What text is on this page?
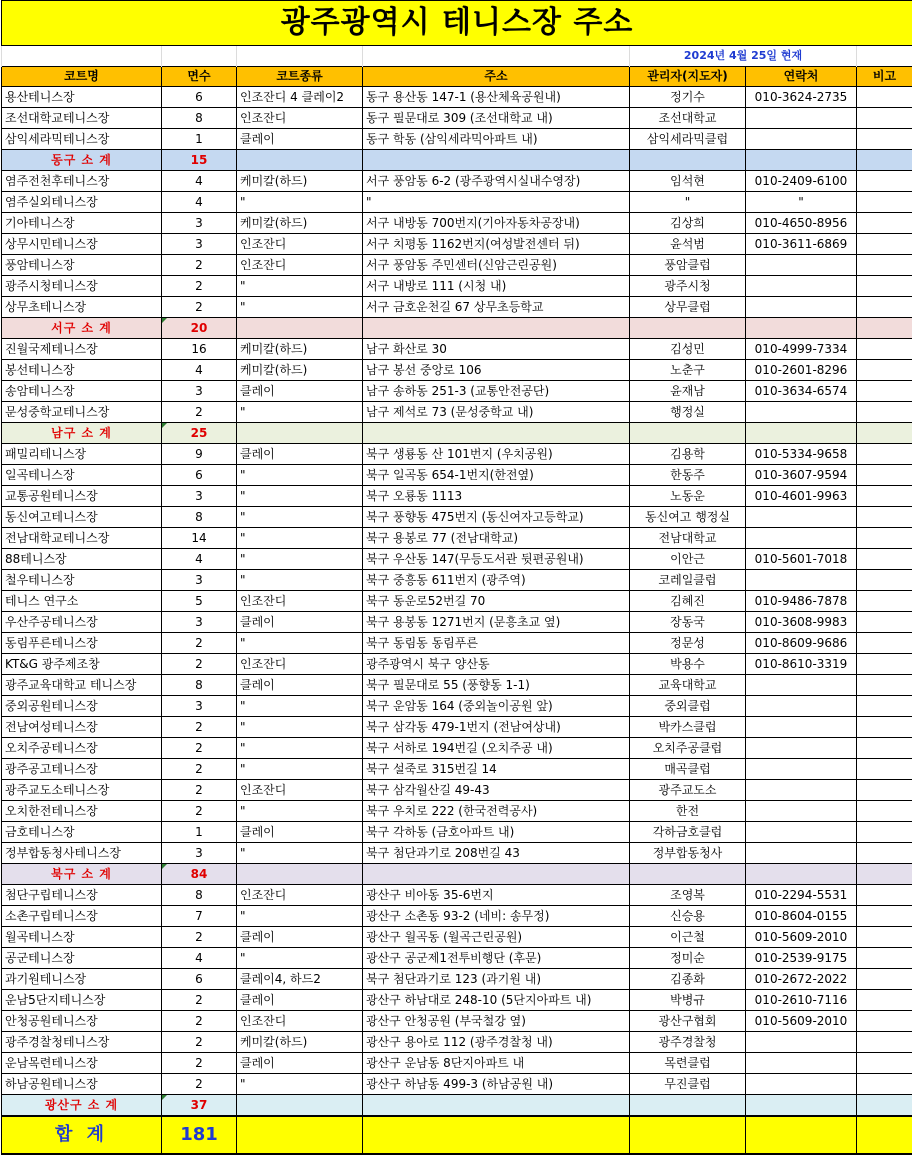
광주광역시 테니스장 주소						
				2024년 4월 25일 현재		
코트명	면수	코트종류	주소	관리자(지도자)	연락처	비고
용산테니스장	6	인조잔디 4 클레이2	동구 용산동 147-1 (용산체육공원내)	정기수	010-3624-2735	
조선대학교테니스장	8	인조잔디	동구 필문대로 309 (조선대학교 내)	조선대학교		
삼익세라믹테니스장	1	클레이	동구 학동 (삼익세라믹아파트 내)	삼익세라믹클럽		
동구 소 계	15					
염주전천후테니스장	4	케미칼(하드)	서구 풍암동 6-2 (광주광역시실내수영장)	임석현	010-2409-6100	
염주실외테니스장	4	"	"	"	"	
기아테니스장	3	케미칼(하드)	서구 내방동 700번지(기아자동차공장내)	김상희	010-4650-8956	
상무시민테니스장	3	인조잔디	서구 치평동 1162번지(여성발전센터 뒤)	윤석범	010-3611-6869	
풍암테니스장	2	인조잔디	서구 풍암동 주민센터(신암근린공원)	풍암클럽		
광주시청테니스장	2	"	서구 내방로 111 (시청 내)	광주시청		
상무초테니스장	2	"	서구 금호운천길 67 상무초등학교	상무클럽		
서구 소 계	20					
진월국제테니스장	16	케미칼(하드)	남구 화산로 30	김성민	010-4999-7334	
봉선테니스장	4	케미칼(하드)	남구 봉선 중앙로 106	노춘구	010-2601-8296	
송암테니스장	3	클레이	남구 송하동 251-3 (교통안전공단)	윤재남	010-3634-6574	
문성중학교테니스장	2	"	남구 제석로 73 (문성중학교 내)	행정실		
남구 소 계	25					
패밀리테니스장	9	클레이	북구 생룡동 산 101번지 (우치공원)	김용학	010-5334-9658	
일곡테니스장	6	"	북구 일곡동 654-1번지(한전옆)	한동주	010-3607-9594	
교통공원테니스장	3	"	북구 오룡동 1113	노동운	010-4601-9963	
동신여고테니스장	8	"	북구 풍향동 475번지 (동신여자고등학교)	동신여고 행정실		
전남대학교테니스장	14	"	북구 용봉로 77 (전남대학교)	전남대학교		
88테니스장	4	"	북구 우산동 147(무등도서관 뒷편공원내)	이안근	010-5601-7018	
철우테니스장	3	"	북구 중흥동 611번지 (광주역)	코레일클럽		
테니스 연구소	5	인조잔디	북구 동운로52번길 70	김혜진	010-9486-7878	
우산주공테니스장	3	클레이	북구 용봉동 1271번지 (문흥초교 옆)	장동국	010-3608-9983	
동림푸른테니스장	2	"	북구 동림동 동림푸른	정문성	010-8609-9686	
KT&G 광주제조창	2	인조잔디	광주광역시 북구 양산동	박용수	010-8610-3319	
광주교육대학교 테니스장	8	클레이	북구 필문대로 55 (풍향동 1-1)	교육대학교		
중외공원테니스장	3	"	북구 운암동 164 (중외놀이공원 앞)	중외클럽		
전남여성테니스장	2	"	북구 삼각동 479-1번지 (전남여상내)	박카스클럽		
오치주공테니스장	2	"	북구 서하로 194번길 (오치주공 내)	오치주공클럽		
광주공고테니스장	2	"	북구 설죽로 315번길 14	매곡클럽		
광주교도소테니스장	2	인조잔디	북구 삼각월산길 49-43	광주교도소		
오치한전테니스장	2	"	북구 우치로 222 (한국전력공사)	한전		
금호테니스장	1	클레이	북구 각하동 (금호아파트 내)	각하금호클럽		
정부합동청사테니스장	3	"	북구 첨단과기로 208번길 43	정부합동청사		
북구 소 계	84					
첨단구립테니스장	8	인조잔디	광산구 비아동 35-6번지	조영복	010-2294-5531	
소촌구립테니스장	7	"	광산구 소촌동 93-2 (네비: 송무정)	신승용	010-8604-0155	
월곡테니스장	2	클레이	광산구 월곡동 (월곡근린공원)	이근철	010-5609-2010	
공군테니스장	4	"	광산구 공군제1전투비행단 (후문)	정미순	010-2539-9175	
과기원테니스장	6	클레이4, 하드2	북구 첨단과기로 123 (과기원 내)	김종화	010-2672-2022	
운남5단지테니스장	2	클레이	광산구 하남대로 248-10 (5단지아파트 내)	박병규	010-2610-7116	
안청공원테니스장	2	인조잔디	광산구 안청공원 (부국철강 옆)	광산구협회	010-5609-2010	
광주경찰청테니스장	2	케미칼(하드)	광산구 용아로 112 (광주경찰청 내)	광주경찰청		
운남목련테니스장	2	클레이	광산구 운남동 8단지아파트 내	목련클럽		
하남공원테니스장	2	"	광산구 하남동 499-3 (하남공원 내)	무진클럽		
광산구 소 계	37					
합 계	181					
